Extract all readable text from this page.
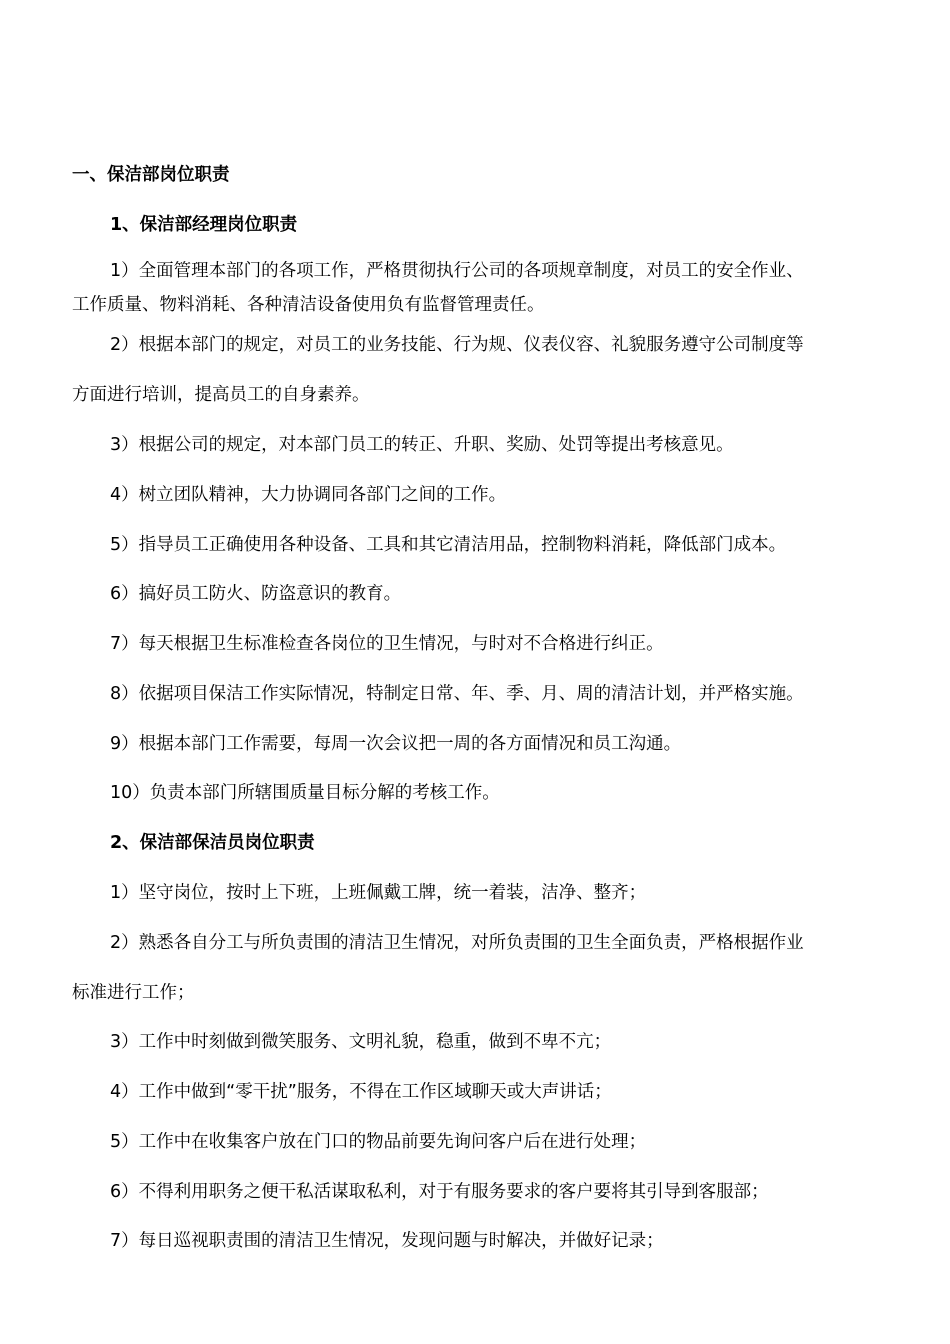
一、保洁部岗位职责
1、保洁部经理岗位职责
1）全面管理本部门的各项工作，严格贯彻执行公司的各项规章制度，对员工的安全作业、
工作质量、物料消耗、各种清洁设备使用负有监督管理责任。
2）根据本部门的规定，对员工的业务技能、行为规、仪表仪容、礼貌服务遵守公司制度等
方面进行培训，提高员工的自身素养。
3）根据公司的规定，对本部门员工的转正、升职、奖励、处罚等提出考核意见。
4）树立团队精神，大力协调同各部门之间的工作。
5）指导员工正确使用各种设备、工具和其它清洁用品，控制物料消耗，降低部门成本。
6）搞好员工防火、防盗意识的教育。
7）每天根据卫生标准检查各岗位的卫生情况，与时对不合格进行纠正。
8）依据项目保洁工作实际情况，特制定日常、年、季、月、周的清洁计划，并严格实施。
9）根据本部门工作需要，每周一次会议把一周的各方面情况和员工沟通。
10）负责本部门所辖围质量目标分解的考核工作。
2、保洁部保洁员岗位职责
1）坚守岗位，按时上下班，上班佩戴工牌，统一着装，洁净、整齐；
2）熟悉各自分工与所负责围的清洁卫生情况，对所负责围的卫生全面负责，严格根据作业
标准进行工作；
3）工作中时刻做到微笑服务、文明礼貌，稳重，做到不卑不亢；
4）工作中做到“零干扰”服务，不得在工作区域聊天或大声讲话；
5）工作中在收集客户放在门口的物品前要先询问客户后在进行处理；
6）不得利用职务之便干私活谋取私利，对于有服务要求的客户要将其引导到客服部；
7）每日巡视职责围的清洁卫生情况，发现问题与时解决，并做好记录；
